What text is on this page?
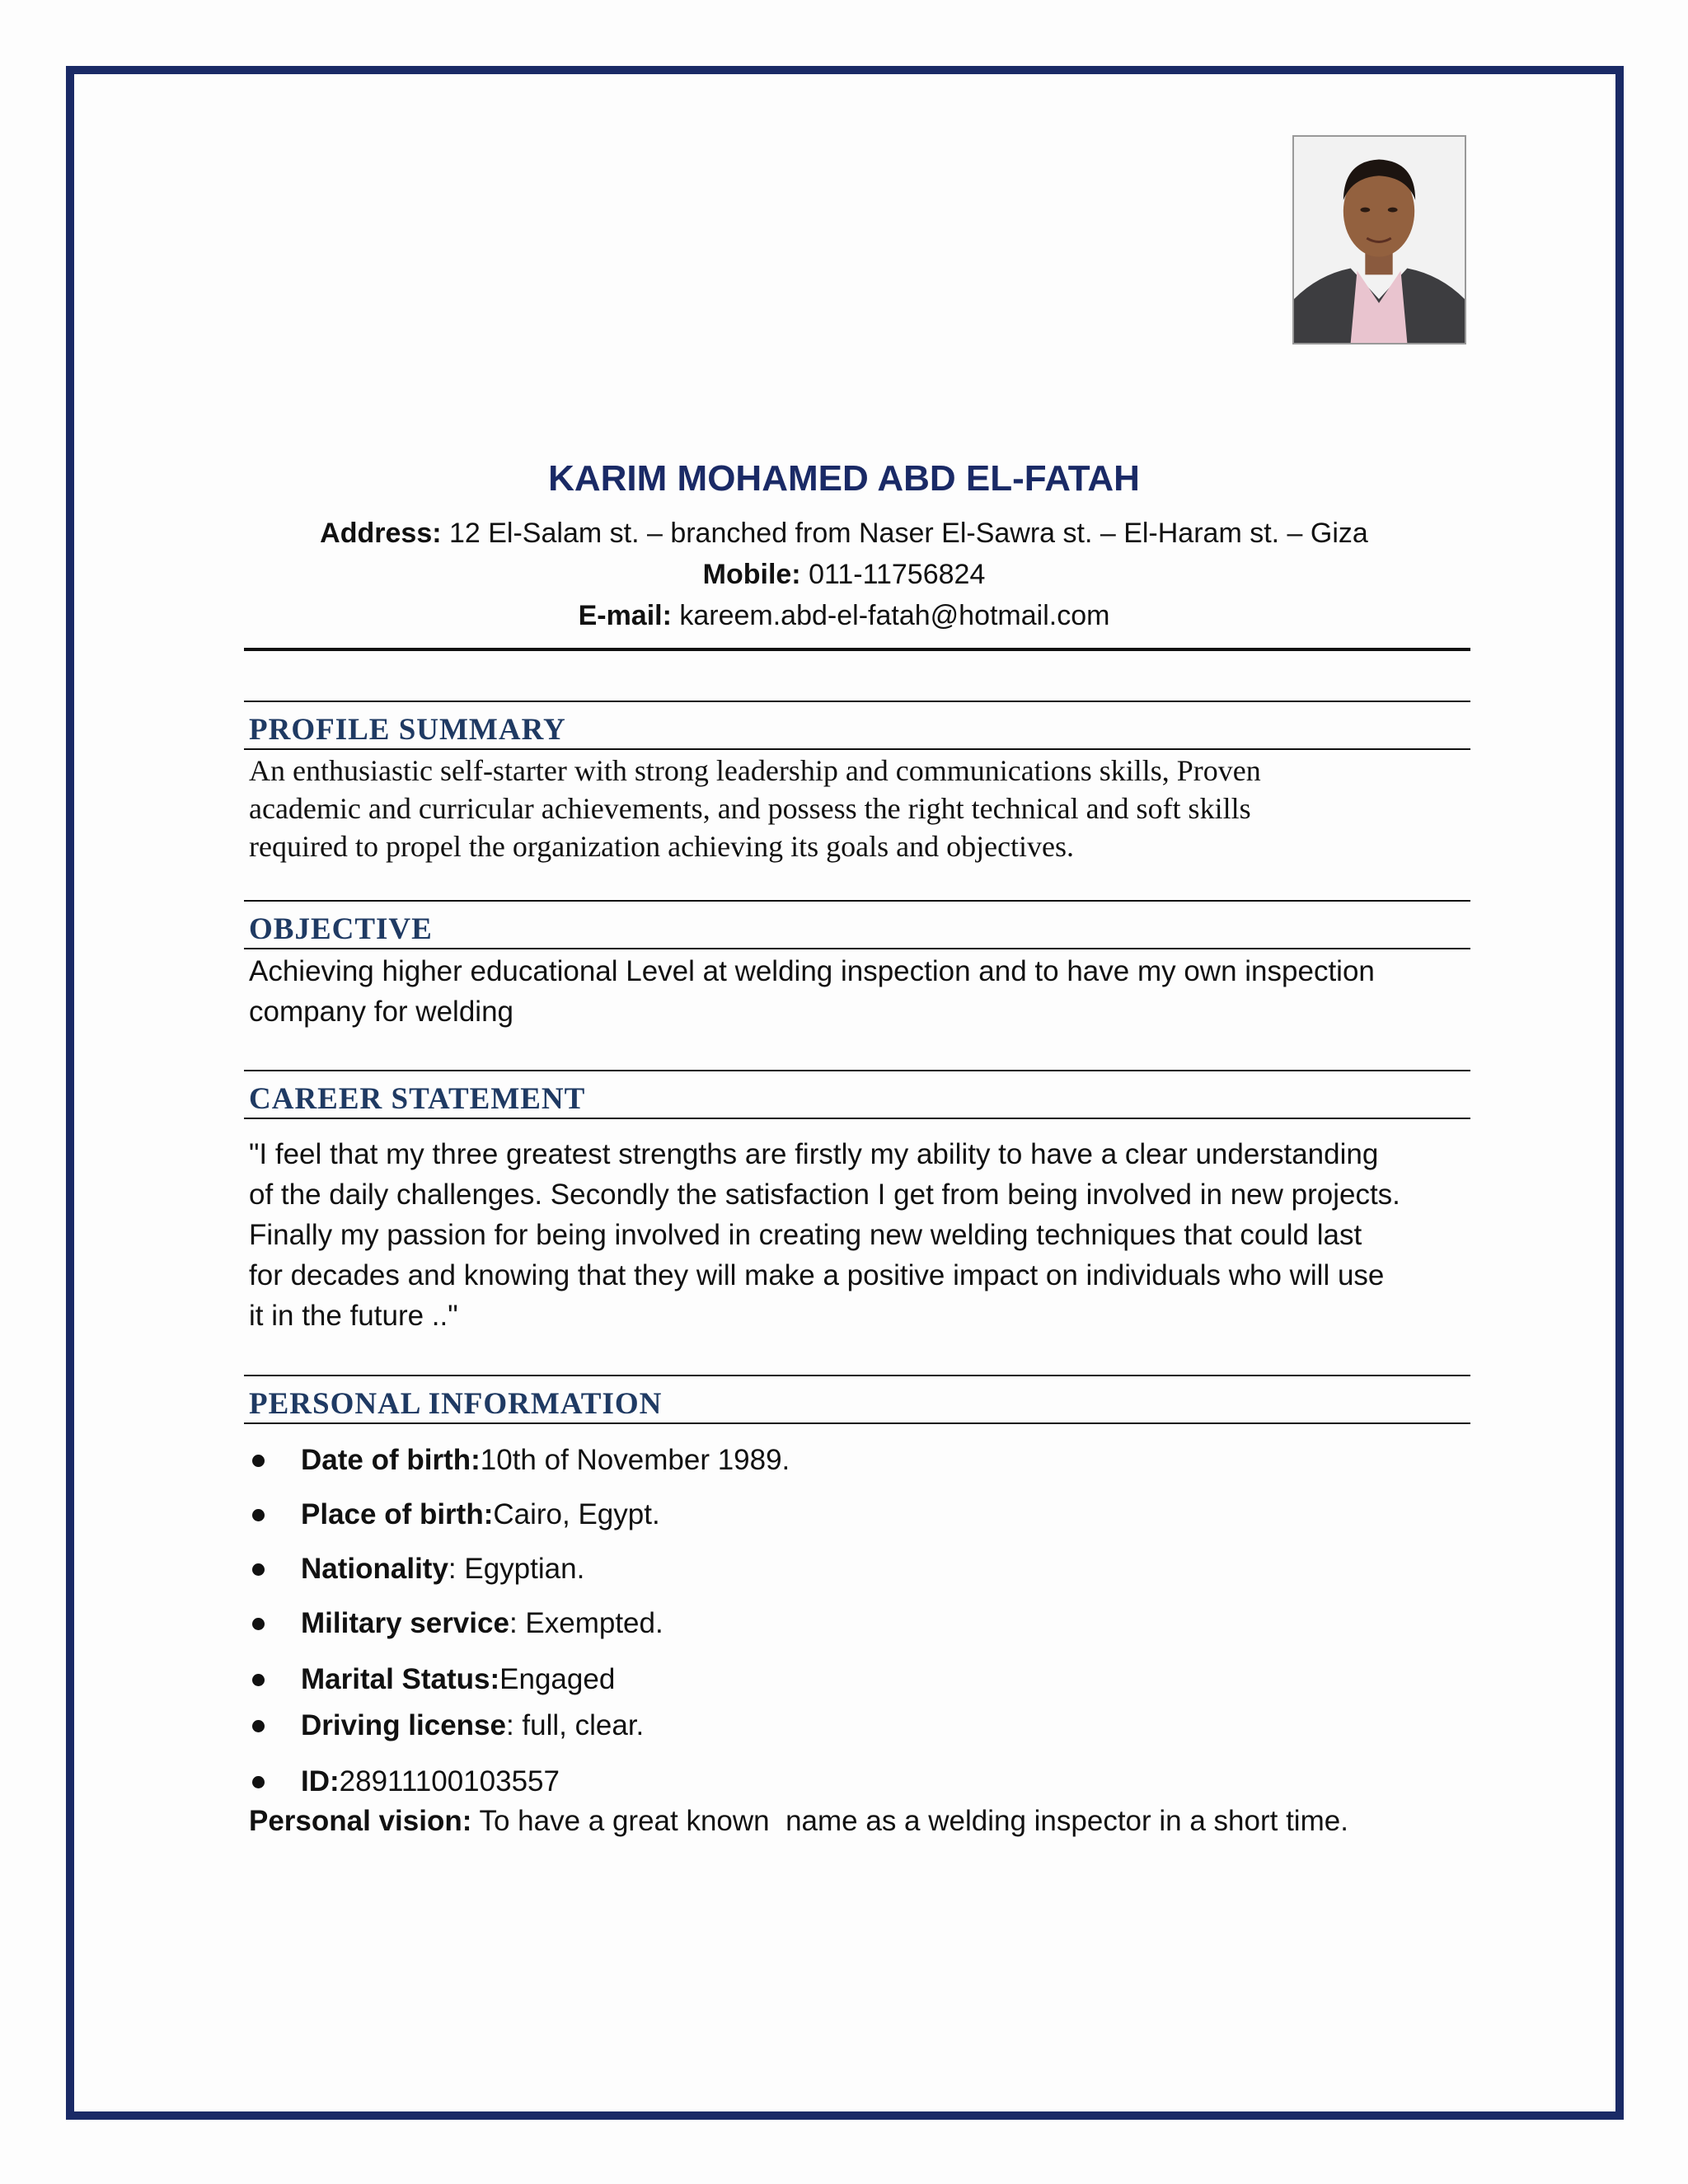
KARIM MOHAMED ABD EL-FATAH
Address: 12 El-Salam st. – branched from Naser El-Sawra st. – El-Haram st. – Giza
Mobile: 011-11756824
E-mail: kareem.abd-el-fatah@hotmail.com
PROFILE SUMMARY
An enthusiastic self-starter with strong leadership and communications skills, Proven
academic and curricular achievements, and possess the right technical and soft skills
required to propel the organization achieving its goals and objectives.
OBJECTIVE
Achieving higher educational Level at welding inspection and to have my own inspection
company for welding
CAREER STATEMENT
"I feel that my three greatest strengths are firstly my ability to have a clear understanding
of the daily challenges. Secondly the satisfaction I get from being involved in new projects.
Finally my passion for being involved in creating new welding techniques that could last
for decades and knowing that they will make a positive impact on individuals who will use
it in the future .."
PERSONAL INFORMATION
Date of birth: 10th of November 1989.
Place of birth: Cairo, Egypt.
Nationality : Egyptian.
Military service : Exempted.
Marital Status: Engaged
Driving license : full, clear.
ID: 28911100103557
Personal vision: To have a great known  name as a welding inspector in a short time.
